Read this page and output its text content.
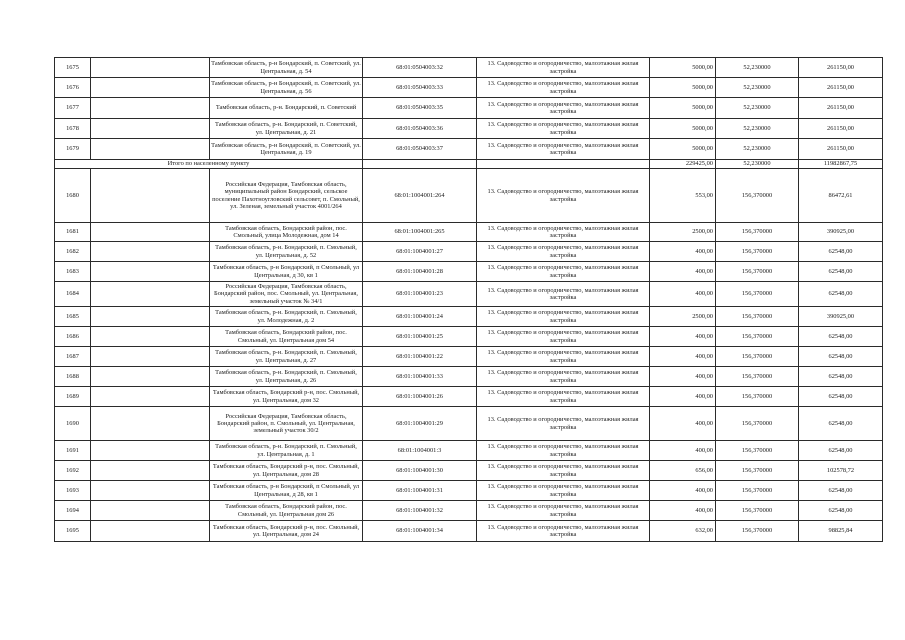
1675		Тамбовская область, р-н Бондарский, п. Советский, ул. Центральная, д. 54	68:01:0504003:32	13. Садоводство и огородничество, малоэтажная жилая застройка	5000,00	52,230000	261150,00
1676		Тамбовская область, р-н Бондарский, п. Советский, ул. Центральная, д. 56	68:01:0504003:33	13. Садоводство и огородничество, малоэтажная жилая застройка	5000,00	52,230000	261150,00
1677		Тамбовская область, р-н. Бондарский, п. Советский	68:01:0504003:35	13. Садоводство и огородничество, малоэтажная жилая застройка	5000,00	52,230000	261150,00
1678		Тамбовская область, р-н. Бондарский, п. Советский, ул. Центральная, д. 21	68:01:0504003:36	13. Садоводство и огородничество, малоэтажная жилая застройка	5000,00	52,230000	261150,00
1679		Тамбовская область, р-н Бондарский, п. Советский, ул. Центральная, д. 19	68:01:0504003:37	13. Садоводство и огородничество, малоэтажная жилая застройка	5000,00	52,230000	261150,00
Итого по населенному пункту					229425,00	52,230000	11982867,75
1680		Российская Федерация, Тамбовская область, муниципальный район Бондарский, сельское поселение Пахотноугловский сельсовет, п. Смольный, ул. Зеленая, земельный участок 4001/264	68:01:1004001:264	13. Садоводство и огородничество, малоэтажная жилая застройка	553,00	156,370000	86472,61
1681		Тамбовская область, Бондарский район, пос. Смольный, улица Молодежная, дом 14	68:01:1004001:265	13. Садоводство и огородничество, малоэтажная жилая застройка	2500,00	156,370000	390925,00
1682		Тамбовская область, р-н. Бондарский, п. Смольный, ул. Центральная, д. 52	68:01:1004001:27	13. Садоводство и огородничество, малоэтажная жилая застройка	400,00	156,370000	62548,00
1683		Тамбовская область, р-н Бондарский, п Смольный, ул Центральная, д 30, кв 1	68:01:1004001:28	13. Садоводство и огородничество, малоэтажная жилая застройка	400,00	156,370000	62548,00
1684		Российская Федерация, Тамбовская область, Бондарский район, пос. Смольный, ул. Центральная, земельный участок № 34/1	68:01:1004001:23	13. Садоводство и огородничество, малоэтажная жилая застройка	400,00	156,370000	62548,00
1685		Тамбовская область, р-н. Бондарский, п. Смольный, ул. Молодежная, д. 2	68:01:1004001:24	13. Садоводство и огородничество, малоэтажная жилая застройка	2500,00	156,370000	390925,00
1686		Тамбовская область, Бондарский район, пос. Смольный, ул. Центральная дом 54	68:01:1004001:25	13. Садоводство и огородничество, малоэтажная жилая застройка	400,00	156,370000	62548,00
1687		Тамбовская область, р-н. Бондарский, п. Смольный, ул. Центральная, д. 27	68:01:1004001:22	13. Садоводство и огородничество, малоэтажная жилая застройка	400,00	156,370000	62548,00
1688		Тамбовская область, р-н. Бондарский, п. Смольный, ул. Центральная, д. 26	68:01:1004001:33	13. Садоводство и огородничество, малоэтажная жилая застройка	400,00	156,370000	62548,00
1689		Тамбовская область, Бондарский р-н, пос. Смольный, ул. Центральная, дом 32	68:01:1004001:26	13. Садоводство и огородничество, малоэтажная жилая застройка	400,00	156,370000	62548,00
1690		Российская Федерация, Тамбовская область, Бондарский район, п. Смольный, ул. Центральная, земельный участок 30/2	68:01:1004001:29	13. Садоводство и огородничество, малоэтажная жилая застройка	400,00	156,370000	62548,00
1691		Тамбовская область, р-н. Бондарский, п. Смольный, ул. Центральная, д. 1	68:01:1004001:3	13. Садоводство и огородничество, малоэтажная жилая застройка	400,00	156,370000	62548,00
1692		Тамбовская область, Бондарский р-н, пос. Смольный, ул. Центральная, дом 28	68:01:1004001:30	13. Садоводство и огородничество, малоэтажная жилая застройка	656,00	156,370000	102578,72
1693		Тамбовская область, р-н Бондарский, п Смольный, ул Центральная, д 28, кв 1	68:01:1004001:31	13. Садоводство и огородничество, малоэтажная жилая застройка	400,00	156,370000	62548,00
1694		Тамбовская область, Бондарский район, пос. Смольный, ул. Центральная дом 26	68:01:1004001:32	13. Садоводство и огородничество, малоэтажная жилая застройка	400,00	156,370000	62548,00
1695		Тамбовская область, Бондарский р-н, пос. Смольный, ул. Центральная, дом 24	68:01:1004001:34	13. Садоводство и огородничество, малоэтажная жилая застройка	632,00	156,370000	98825,84
